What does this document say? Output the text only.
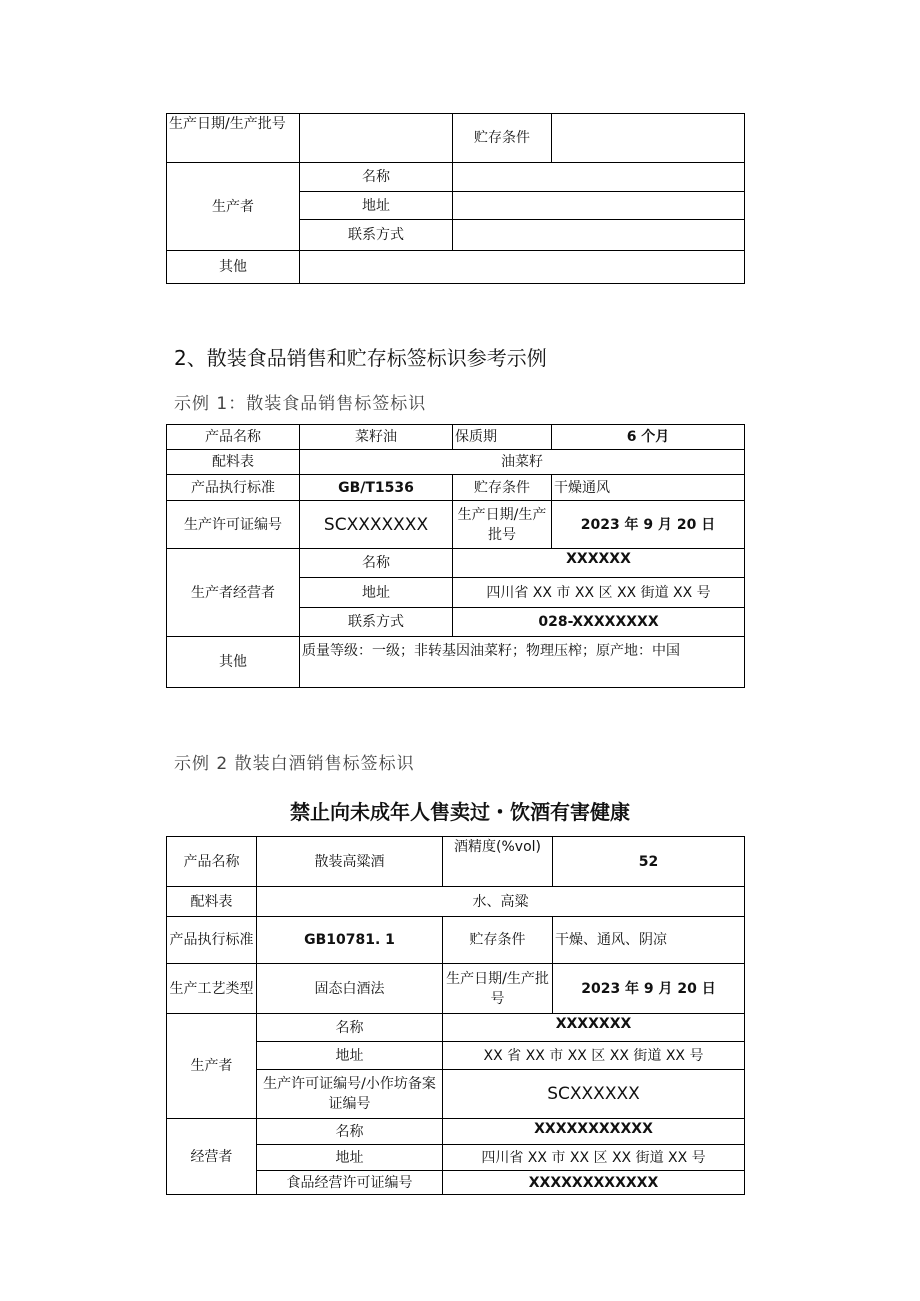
生产日期/生产批号		贮存条件	
生产者	名称		
	地址		
	联系方式		
其他			
2、散装食品销售和贮存标签标识参考示例
示例 1：散装食品销售标签标识
产品名称	菜籽油	保质期	6 个月
配料表	油菜籽		
产品执行标准	GB/T1536	贮存条件	干燥通风
生产许可证编号	SCXXXXXXX	生产日期/生产批号	2023 年 9 月 20 日
生产者经营者	名称	XXXXXX	
	地址	四川省 XX 市 XX 区 XX 街道 XX 号	
	联系方式	028-XXXXXXXX	
其他	质量等级：一级；非转基因油菜籽；物理压榨；原产地：中国		
示例 2 散装白酒销售标签标识
禁止向未成年人售卖过・饮酒有害健康
产品名称	散装高粱酒	酒精度(%vol)	52
配料表	水、高粱		
产品执行标准	GB10781. 1	贮存条件	干燥、通风、阴凉
生产工艺类型	固态白酒法	生产日期/生产批号	2023 年 9 月 20 日
生产者	名称	XXXXXXX	
	地址	XX 省 XX 市 XX 区 XX 街道 XX 号	
	生产许可证编号/小作坊备案证编号	SCXXXXXX	
经营者	名称	XXXXXXXXXXX	
	地址	四川省 XX 市 XX 区 XX 街道 XX 号	
	食品经营许可证编号	XXXXXXXXXXXX	
